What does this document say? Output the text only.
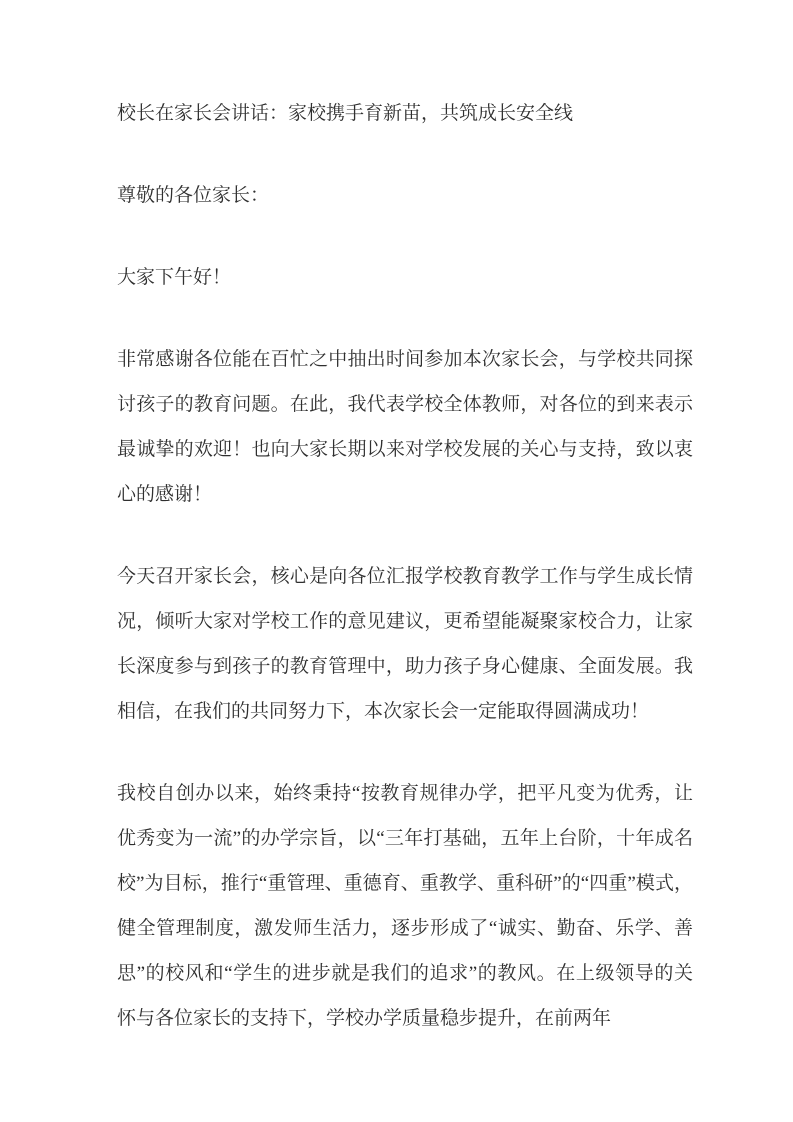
校长在家长会讲话：家校携手育新苗，共筑成长安全线

尊敬的各位家长：

大家下午好！

非常感谢各位能在百忙之中抽出时间参加本次家长会，与学校共同探讨孩子的教育问题。在此，我代表学校全体教师，对各位的到来表示最诚挚的欢迎！也向大家长期以来对学校发展的关心与支持，致以衷心的感谢！

今天召开家长会，核心是向各位汇报学校教育教学工作与学生成长情况，倾听大家对学校工作的意见建议，更希望能凝聚家校合力，让家长深度参与到孩子的教育管理中，助力孩子身心健康、全面发展。我相信，在我们的共同努力下，本次家长会一定能取得圆满成功！

我校自创办以来，始终秉持“按教育规律办学，把平凡变为优秀，让优秀变为一流”的办学宗旨，以“三年打基础，五年上台阶，十年成名校”为目标，推行“重管理、重德育、重教学、重科研”的“四重”模式，健全管理制度，激发师生活力，逐步形成了“诚实、勤奋、乐学、善思”的校风和“学生的进步就是我们的追求”的教风。在上级领导的关怀与各位家长的支持下，学校办学质量稳步提升，在前两年
